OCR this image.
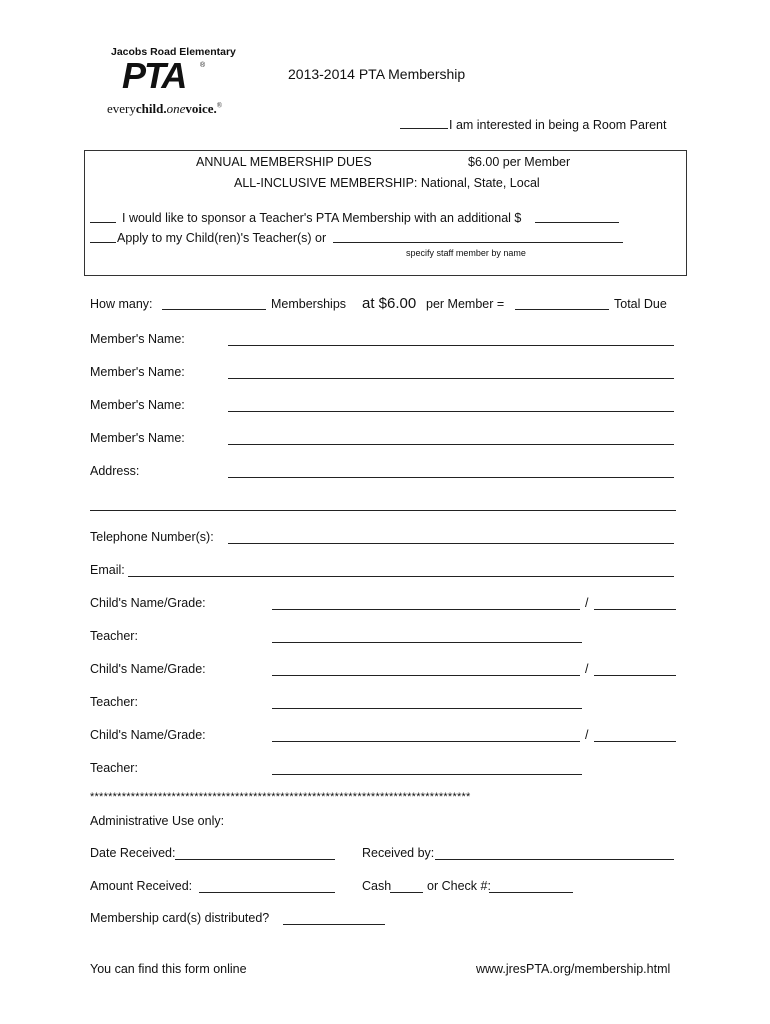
Jacobs Road Elementary
PTA ®
everychild.onevoice.®
2013-2014 PTA Membership
I am interested in being a Room Parent
ANNUAL MEMBERSHIP DUES	$6.00 per Member
ALL-INCLUSIVE MEMBERSHIP: National, State, Local
I would like to sponsor a Teacher's PTA Membership with an additional $
Apply to my Child(ren)'s Teacher(s) or
specify staff member by name
How many:	Memberships at $6.00 per Member =	Total Due
Member's Name:
Member's Name:
Member's Name:
Member's Name:
Address:
Telephone Number(s):
Email:
Child's Name/Grade:	/
Teacher:
Child's Name/Grade:	/
Teacher:
Child's Name/Grade:	/
Teacher:
************************************************************************************
Administrative Use only:
Date Received:	Received by:
Amount Received:	Cash	or Check #:
Membership card(s) distributed?
You can find this form online	www.jresPTA.org/membership.html
